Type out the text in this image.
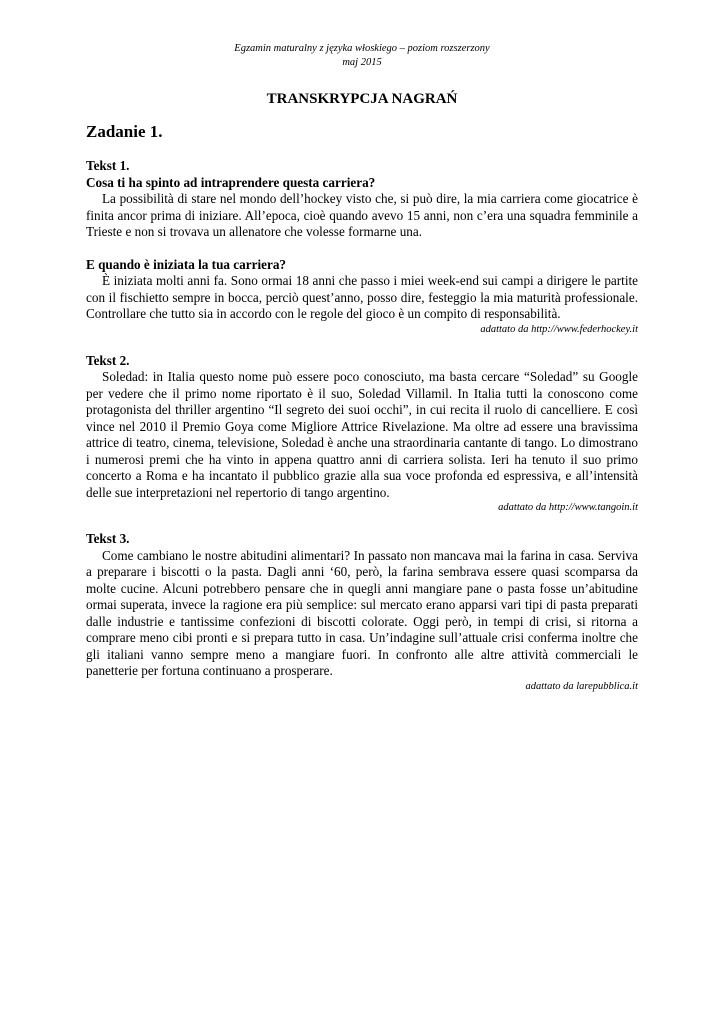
Egzamin maturalny z języka włoskiego – poziom rozszerzony
maj 2015
TRANSKRYPCJA NAGRAŃ
Zadanie 1.
Tekst 1.
Cosa ti ha spinto ad intraprendere questa carriera?

La possibilità di stare nel mondo dell’hockey visto che, si può dire, la mia carriera come giocatrice è finita ancor prima di iniziare. All’epoca, cioè quando avevo 15 anni, non c’era una squadra femminile a Trieste e non si trovava un allenatore che volesse formarne una.

E quando è iniziata la tua carriera?

È iniziata molti anni fa. Sono ormai 18 anni che passo i miei week-end sui campi a dirigere le partite con il fischietto sempre in bocca, perciò quest’anno, posso dire, festeggio la mia maturità professionale. Controllare che tutto sia in accordo con le regole del gioco è un compito di responsabilità.

adattato da http://www.federhockey.it
Tekst 2.

Soledad: in Italia questo nome può essere poco conosciuto, ma basta cercare “Soledad” su Google per vedere che il primo nome riportato è il suo, Soledad Villamil. In Italia tutti la conoscono come protagonista del thriller argentino “Il segreto dei suoi occhi”, in cui recita il ruolo di cancelliere. E così vince nel 2010 il Premio Goya come Migliore Attrice Rivelazione. Ma oltre ad essere una bravissima attrice di teatro, cinema, televisione, Soledad è anche una straordinaria cantante di tango. Lo dimostrano i numerosi premi che ha vinto in appena quattro anni di carriera solista. Ieri ha tenuto il suo primo concerto a Roma e ha incantato il pubblico grazie alla sua voce profonda ed espressiva, e all’intensità delle sue interpretazioni nel repertorio di tango argentino.

adattato da http://www.tangoin.it
Tekst 3.

Come cambiano le nostre abitudini alimentari? In passato non mancava mai la farina in casa. Serviva a preparare i biscotti o la pasta. Dagli anni ‘60, però, la farina sembrava essere quasi scomparsa da molte cucine. Alcuni potrebbero pensare che in quegli anni mangiare pane o pasta fosse un’abitudine ormai superata, invece la ragione era più semplice: sul mercato erano apparsi vari tipi di pasta preparati dalle industrie e tantissime confezioni di biscotti colorate. Oggi però, in tempi di crisi, si ritorna a comprare meno cibi pronti e si prepara tutto in casa. Un’indagine sull’attuale crisi conferma inoltre che gli italiani vanno sempre meno a mangiare fuori. In confronto alle altre attività commerciali le panetterie per fortuna continuano a prosperare.

adattato da larepubblica.it
